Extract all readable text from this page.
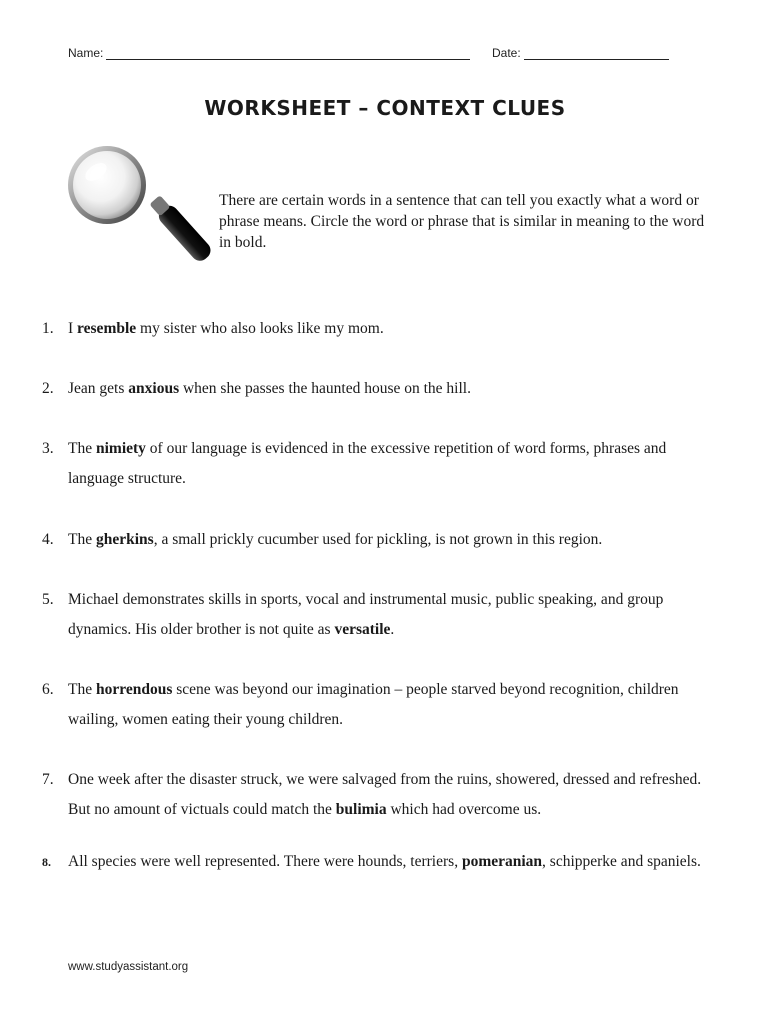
Name:	Date:
WORKSHEET – CONTEXT CLUES
There are certain words in a sentence that can tell you exactly what a word or phrase means. Circle the word or phrase that is similar in meaning to the word in bold.
1. I resemble my sister who also looks like my mom.
2. Jean gets anxious when she passes the haunted house on the hill.
3. The nimiety of our language is evidenced in the excessive repetition of word forms, phrases and language structure.
4. The gherkins, a small prickly cucumber used for pickling, is not grown in this region.
5. Michael demonstrates skills in sports, vocal and instrumental music, public speaking, and group dynamics. His older brother is not quite as versatile.
6. The horrendous scene was beyond our imagination – people starved beyond recognition, children wailing, women eating their young children.
7. One week after the disaster struck, we were salvaged from the ruins, showered, dressed and refreshed. But no amount of victuals could match the bulimia which had overcome us.
8.	All species were well represented. There were hounds, terriers, pomeranian, schipperke and spaniels.
www.studyassistant.org
